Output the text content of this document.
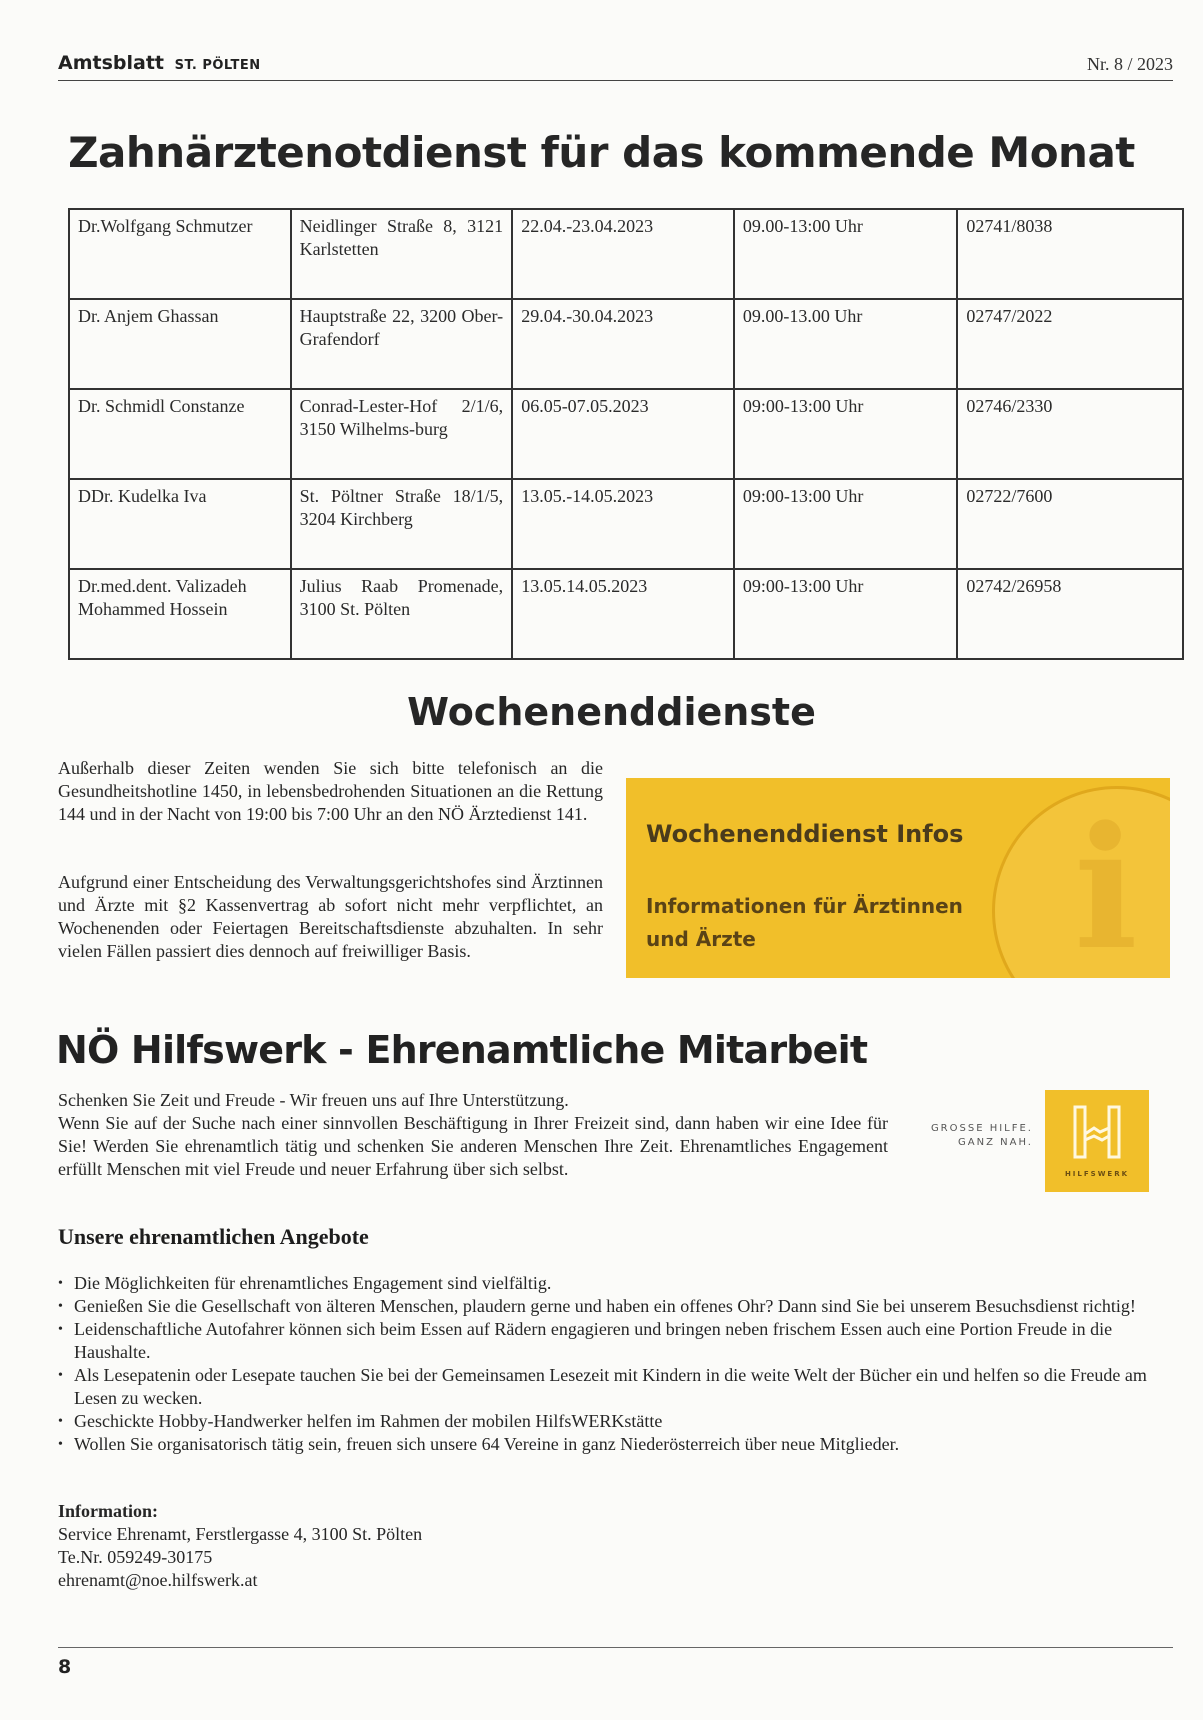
Amtsblatt ST. PÖLTEN	Nr. 8 / 2023
Zahnärztenotdienst für das kommende Monat
Dr.Wolfgang Schmutzer	Neidlinger Straße 8, 3121 Karlstetten	22.04.-23.04.2023	09.00-13:00 Uhr	02741/8038
Dr. Anjem Ghassan	Hauptstraße 22, 3200 Ober-Grafendorf	29.04.-30.04.2023	09.00-13.00 Uhr	02747/2022
Dr. Schmidl Constanze	Conrad-Lester-Hof 2/1/6, 3150 Wilhelms-burg	06.05-07.05.2023	09:00-13:00 Uhr	02746/2330
DDr. Kudelka Iva	St. Pöltner Straße 18/1/5, 3204 Kirchberg	13.05.-14.05.2023	09:00-13:00 Uhr	02722/7600
Dr.med.dent. Valizadeh Mohammed Hossein	Julius Raab Promenade, 3100 St. Pölten	13.05.14.05.2023	09:00-13:00 Uhr	02742/26958
Wochenenddienste

Außerhalb dieser Zeiten wenden Sie sich bitte telefonisch an die Gesundheitshotline 1450, in lebensbedrohenden Situationen an die Rettung 144 und in der Nacht von 19:00 bis 7:00 Uhr an den NÖ Ärztedienst 141.

Aufgrund einer Entscheidung des Verwaltungsgerichtshofes sind Ärztinnen und Ärzte mit §2 Kassenvertrag ab sofort nicht mehr verpflichtet, an Wochenenden oder Feiertagen Bereitschaftsdienste abzuhalten. In sehr vielen Fällen passiert dies dennoch auf freiwilliger Basis.	i
Wochenenddienst Infos
Informationen für Ärztinnen und Ärzte
NÖ Hilfswerk - Ehrenamtliche Mitarbeit
Schenken Sie Zeit und Freude - Wir freuen uns auf Ihre Unterstützung.
Wenn Sie auf der Suche nach einer sinnvollen Beschäftigung in Ihrer Freizeit sind, dann haben wir eine Idee für Sie! Werden Sie ehrenamtlich tätig und schenken Sie anderen Menschen Ihre Zeit. Ehrenamtliches Engagement erfüllt Menschen mit viel Freude und neuer Erfahrung über sich selbst.
GROSSE HILFE.
GANZ NAH.
HILFSWERK
Unsere ehrenamtlichen Angebote
• Die Möglichkeiten für ehrenamtliches Engagement sind vielfältig.
• Genießen Sie die Gesellschaft von älteren Menschen, plaudern gerne und haben ein offenes Ohr? Dann sind Sie bei unserem Besuchsdienst richtig!
• Leidenschaftliche Autofahrer können sich beim Essen auf Rädern engagieren und bringen neben frischem Essen auch eine Portion Freude in die Haushalte.
• Als Lesepatenin oder Lesepate tauchen Sie bei der Gemeinsamen Lesezeit mit Kindern in die weite Welt der Bücher ein und helfen so die Freude am Lesen zu wecken.
• Geschickte Hobby-Handwerker helfen im Rahmen der mobilen HilfsWERKstätte
• Wollen Sie organisatorisch tätig sein, freuen sich unsere 64 Vereine in ganz Niederösterreich über neue Mitglieder.
Information:
Service Ehrenamt, Ferstlergasse 4, 3100 St. Pölten
Te.Nr. 059249-30175
ehrenamt@noe.hilfswerk.at
8
